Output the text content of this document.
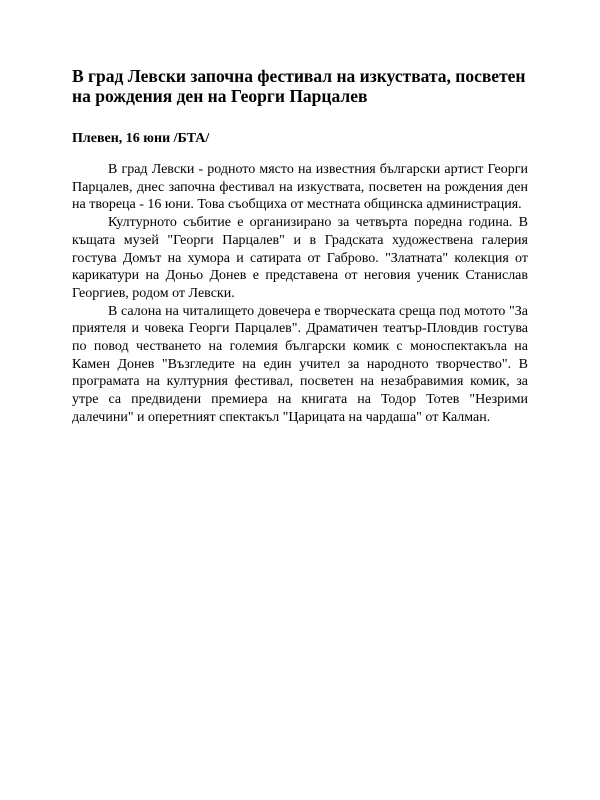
В град Левски започна фестивал на изкуствата, посветен на рождения ден на Георги Парцалев
Плевен, 16 юни /БТА/

В град Левски - родното място на известния български артист Георги Парцалев, днес започна фестивал на изкуствата, посветен на рождения ден на твореца - 16 юни. Това съобщиха от местната общинска администрация.

Културното събитие е организирано за четвърта поредна година. В къщата музей "Георги Парцалев" и в Градската художествена галерия гостува Домът на хумора и сатирата от Габрово. "Златната" колекция от карикатури на Доньо Донев е представена от неговия ученик Станислав Георгиев, родом от Левски.

В салона на читалището довечера е творческата среща под мотото "За приятеля и човека Георги Парцалев". Драматичен театър-Пловдив гостува по повод честването на големия български комик с моноспектакъла на Камен Донев "Възгледите на един учител за народното творчество". В програмата на културния фестивал, посветен на незабравимия комик, за утре са предвидени премиера на книгата на Тодор Тотев "Незрими далечини" и оперетният спектакъл "Царицата на чардаша" от Калман.
